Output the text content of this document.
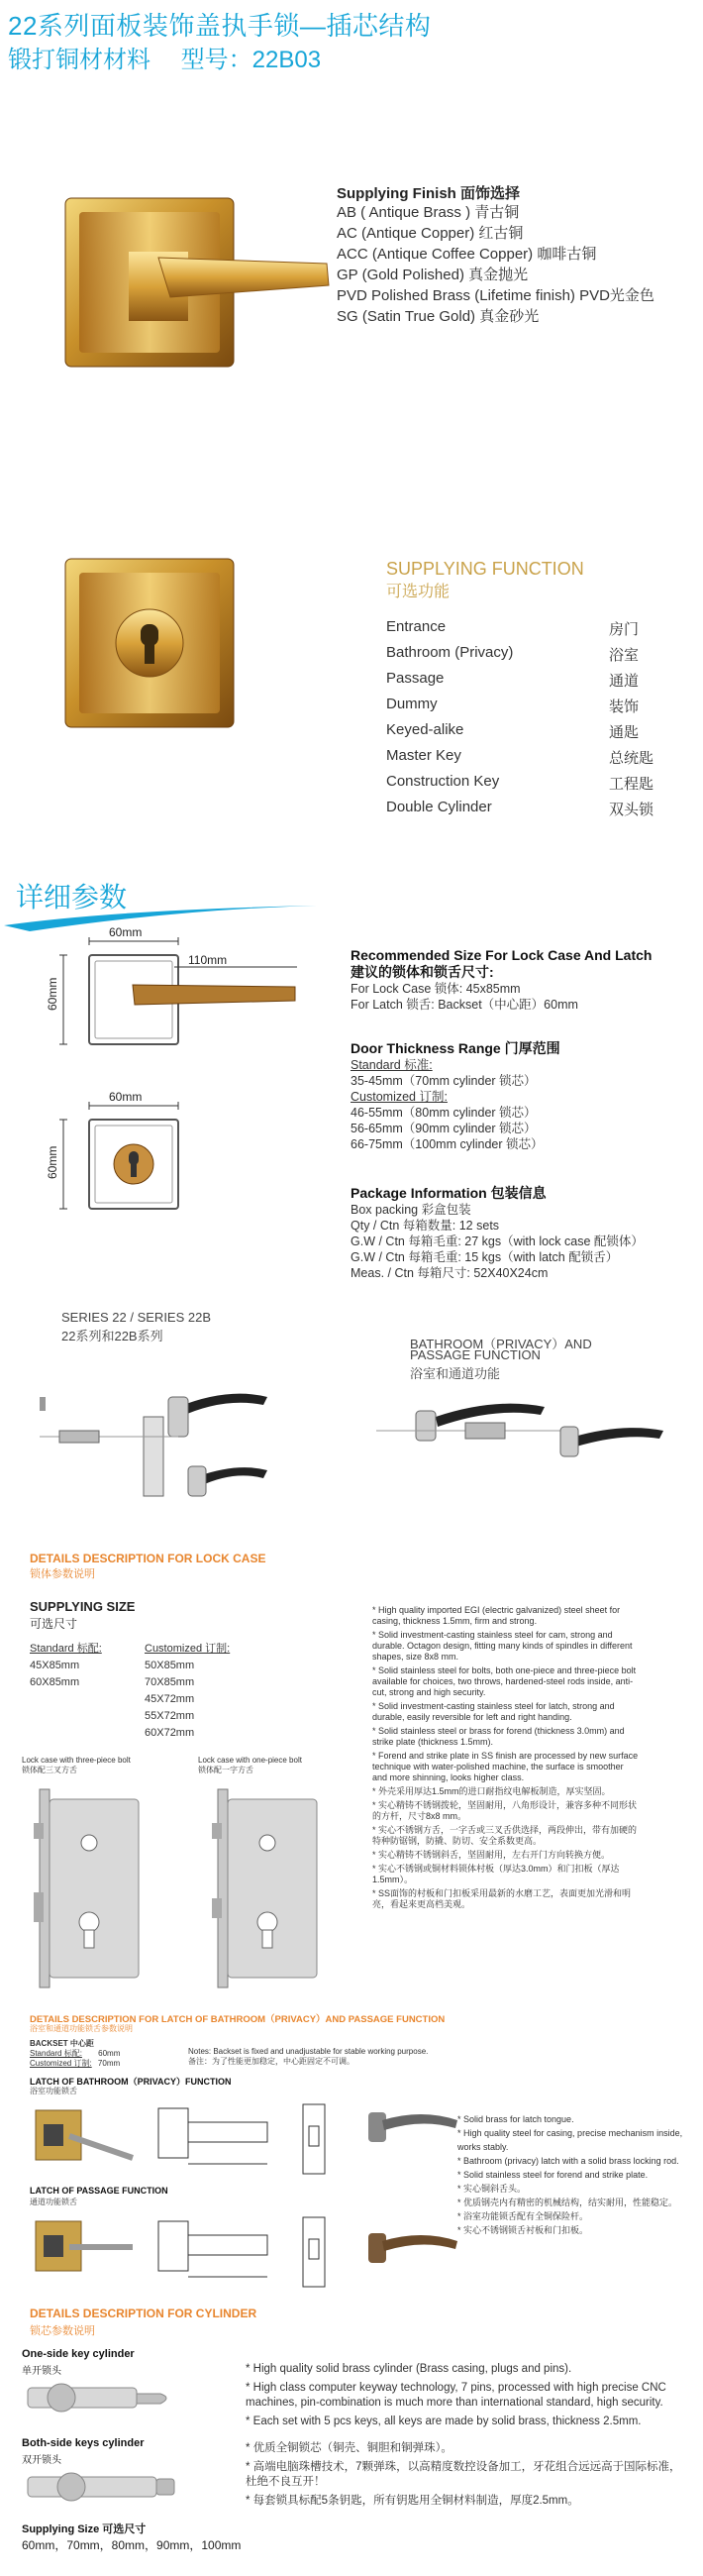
22系列面板装饰盖执手锁—插芯结构
锻打铜材材料 型号：22B03
Supplying Finish 面饰选择
AB ( Antique Brass ) 青古铜
AC (Antique Copper) 红古铜
ACC (Antique Coffee Copper) 咖啡古铜
GP (Gold Polished) 真金抛光
PVD Polished Brass (Lifetime finish) PVD光金色
SG (Satin True Gold) 真金砂光
SUPPLYING FUNCTION
可选功能
Entrance	房门
Bathroom (Privacy)	浴室
Passage	通道
Dummy	装饰
Keyed-alike	通匙
Master Key	总统匙
Construction Key	工程匙
Double Cylinder	双头锁
详细参数
60mm
110mm
60mm
60mm
60mm
Recommended Size For Lock Case And Latch
建议的锁体和锁舌尺寸:
For Lock Case 锁体: 45x85mm
For Latch 锁舌: Backset（中心距）60mm
Door Thickness Range 门厚范围
Standard 标准:
35-45mm（70mm cylinder 锁芯）
Customized 订制:
46-55mm（80mm cylinder 锁芯）
56-65mm（90mm cylinder 锁芯）
66-75mm（100mm cylinder 锁芯）
Package Information 包装信息
Box packing 彩盒包装
Qty / Ctn 每箱数量: 12 sets
G.W / Ctn 每箱毛重: 27 kgs（with lock case 配锁体）
G.W / Ctn 每箱毛重: 15 kgs（with latch 配锁舌）
Meas. / Ctn 每箱尺寸: 52X40X24cm
SERIES 22 / SERIES 22B
22系列和22B系列
BATHROOM（PRIVACY）AND
PASSAGE FUNCTION
浴室和通道功能
DETAILS DESCRIPTION FOR LOCK CASE
锁体参数说明
SUPPLYING SIZE
可选尺寸
Standard 标配:
45X85mm
60X85mm
Customized 订制:
50X85mm
70X85mm
45X72mm
55X72mm
60X72mm
* High quality imported EGI (electric galvanized) steel sheet for casing, thickness 1.5mm, firm and strong.
* Solid investment-casting stainless steel for cam, strong and durable. Octagon design, fitting many kinds of spindles in different shapes, size 8x8 mm.
* Solid stainless steel for bolts, both one-piece and three-piece bolt available for choices, two throws, hardened-steel rods inside, anti-cut, strong and high security.
* Solid investment-casting stainless steel for latch, strong and durable, easily reversible for left and right handing.
* Solid stainless steel or brass for forend (thickness 3.0mm) and strike plate (thickness 1.5mm).
* Forend and strike plate in SS finish are processed by new surface technique with water-polished machine, the surface is smoother and more shinning, looks higher class.
* 外壳采用厚达1.5mm的进口耐指纹电解板制造，厚实坚固。
* 实心精铸不锈钢拨轮，坚固耐用，八角形设计，兼容多种不同形状的方杆，尺寸8x8 mm。
* 实心不锈钢方舌，一字舌或三叉舌供选择，两段伸出，带有加硬的特种防锯钢，防撬、防切、安全系数更高。
* 实心精铸不锈钢斜舌，坚固耐用，左右开门方向转换方便。
* 实心不锈钢或铜材料锁体村板（厚达3.0mm）和门扣板（厚达1.5mm）。
* SS面饰的村板和门扣板采用最新的水磨工艺，表面更加光滑和明亮，看起来更高档美观。
Lock case with three-piece bolt
锁体配三叉方舌
Lock case with one-piece bolt
锁体配一字方舌
DETAILS DESCRIPTION FOR LATCH OF BATHROOM（PRIVACY）AND PASSAGE FUNCTION
浴室和通道功能锁舌参数说明
BACKSET 中心距
Standard 标配: 60mm
Customized 订制: 70mm
Notes: Backset is fixed and unadjustable for stable working purpose.
备注：为了性能更加稳定，中心距固定不可调。
LATCH OF BATHROOM（PRIVACY）FUNCTION
浴室功能锁舌
LATCH OF PASSAGE FUNCTION
通道功能锁舌
* Solid brass for latch tongue.
* High quality steel for casing, precise mechanism inside, works stably.
* Bathroom (privacy) latch with a solid brass locking rod.
* Solid stainless steel for forend and strike plate.
* 实心铜斜舌头。
* 优质钢壳内有精密的机械结构，结实耐用，性能稳定。
* 浴室功能锁舌配有全铜保险杆。
* 实心不锈钢锁舌衬板和门扣板。
DETAILS DESCRIPTION FOR CYLINDER
锁芯参数说明
One-side key cylinder
单开锁头
Both-side keys cylinder
双开锁头
Supplying Size 可选尺寸
60mm，70mm，80mm，90mm，100mm
* High quality solid brass cylinder (Brass casing, plugs and pins).
* High class computer keyway technology, 7 pins, processed with high precise CNC machines, pin-combination is much more than international standard, high security.
* Each set with 5 pcs keys, all keys are made by solid brass, thickness 2.5mm.
* 优质全铜锁芯（铜壳、铜胆和铜弹珠）。
* 高端电脑珠槽技术，7颗弹珠，以高精度数控设备加工，牙花组合远远高于国际标准，杜绝不良互开！
* 每套锁具标配5条钥匙，所有钥匙用全铜材料制造，厚度2.5mm。
